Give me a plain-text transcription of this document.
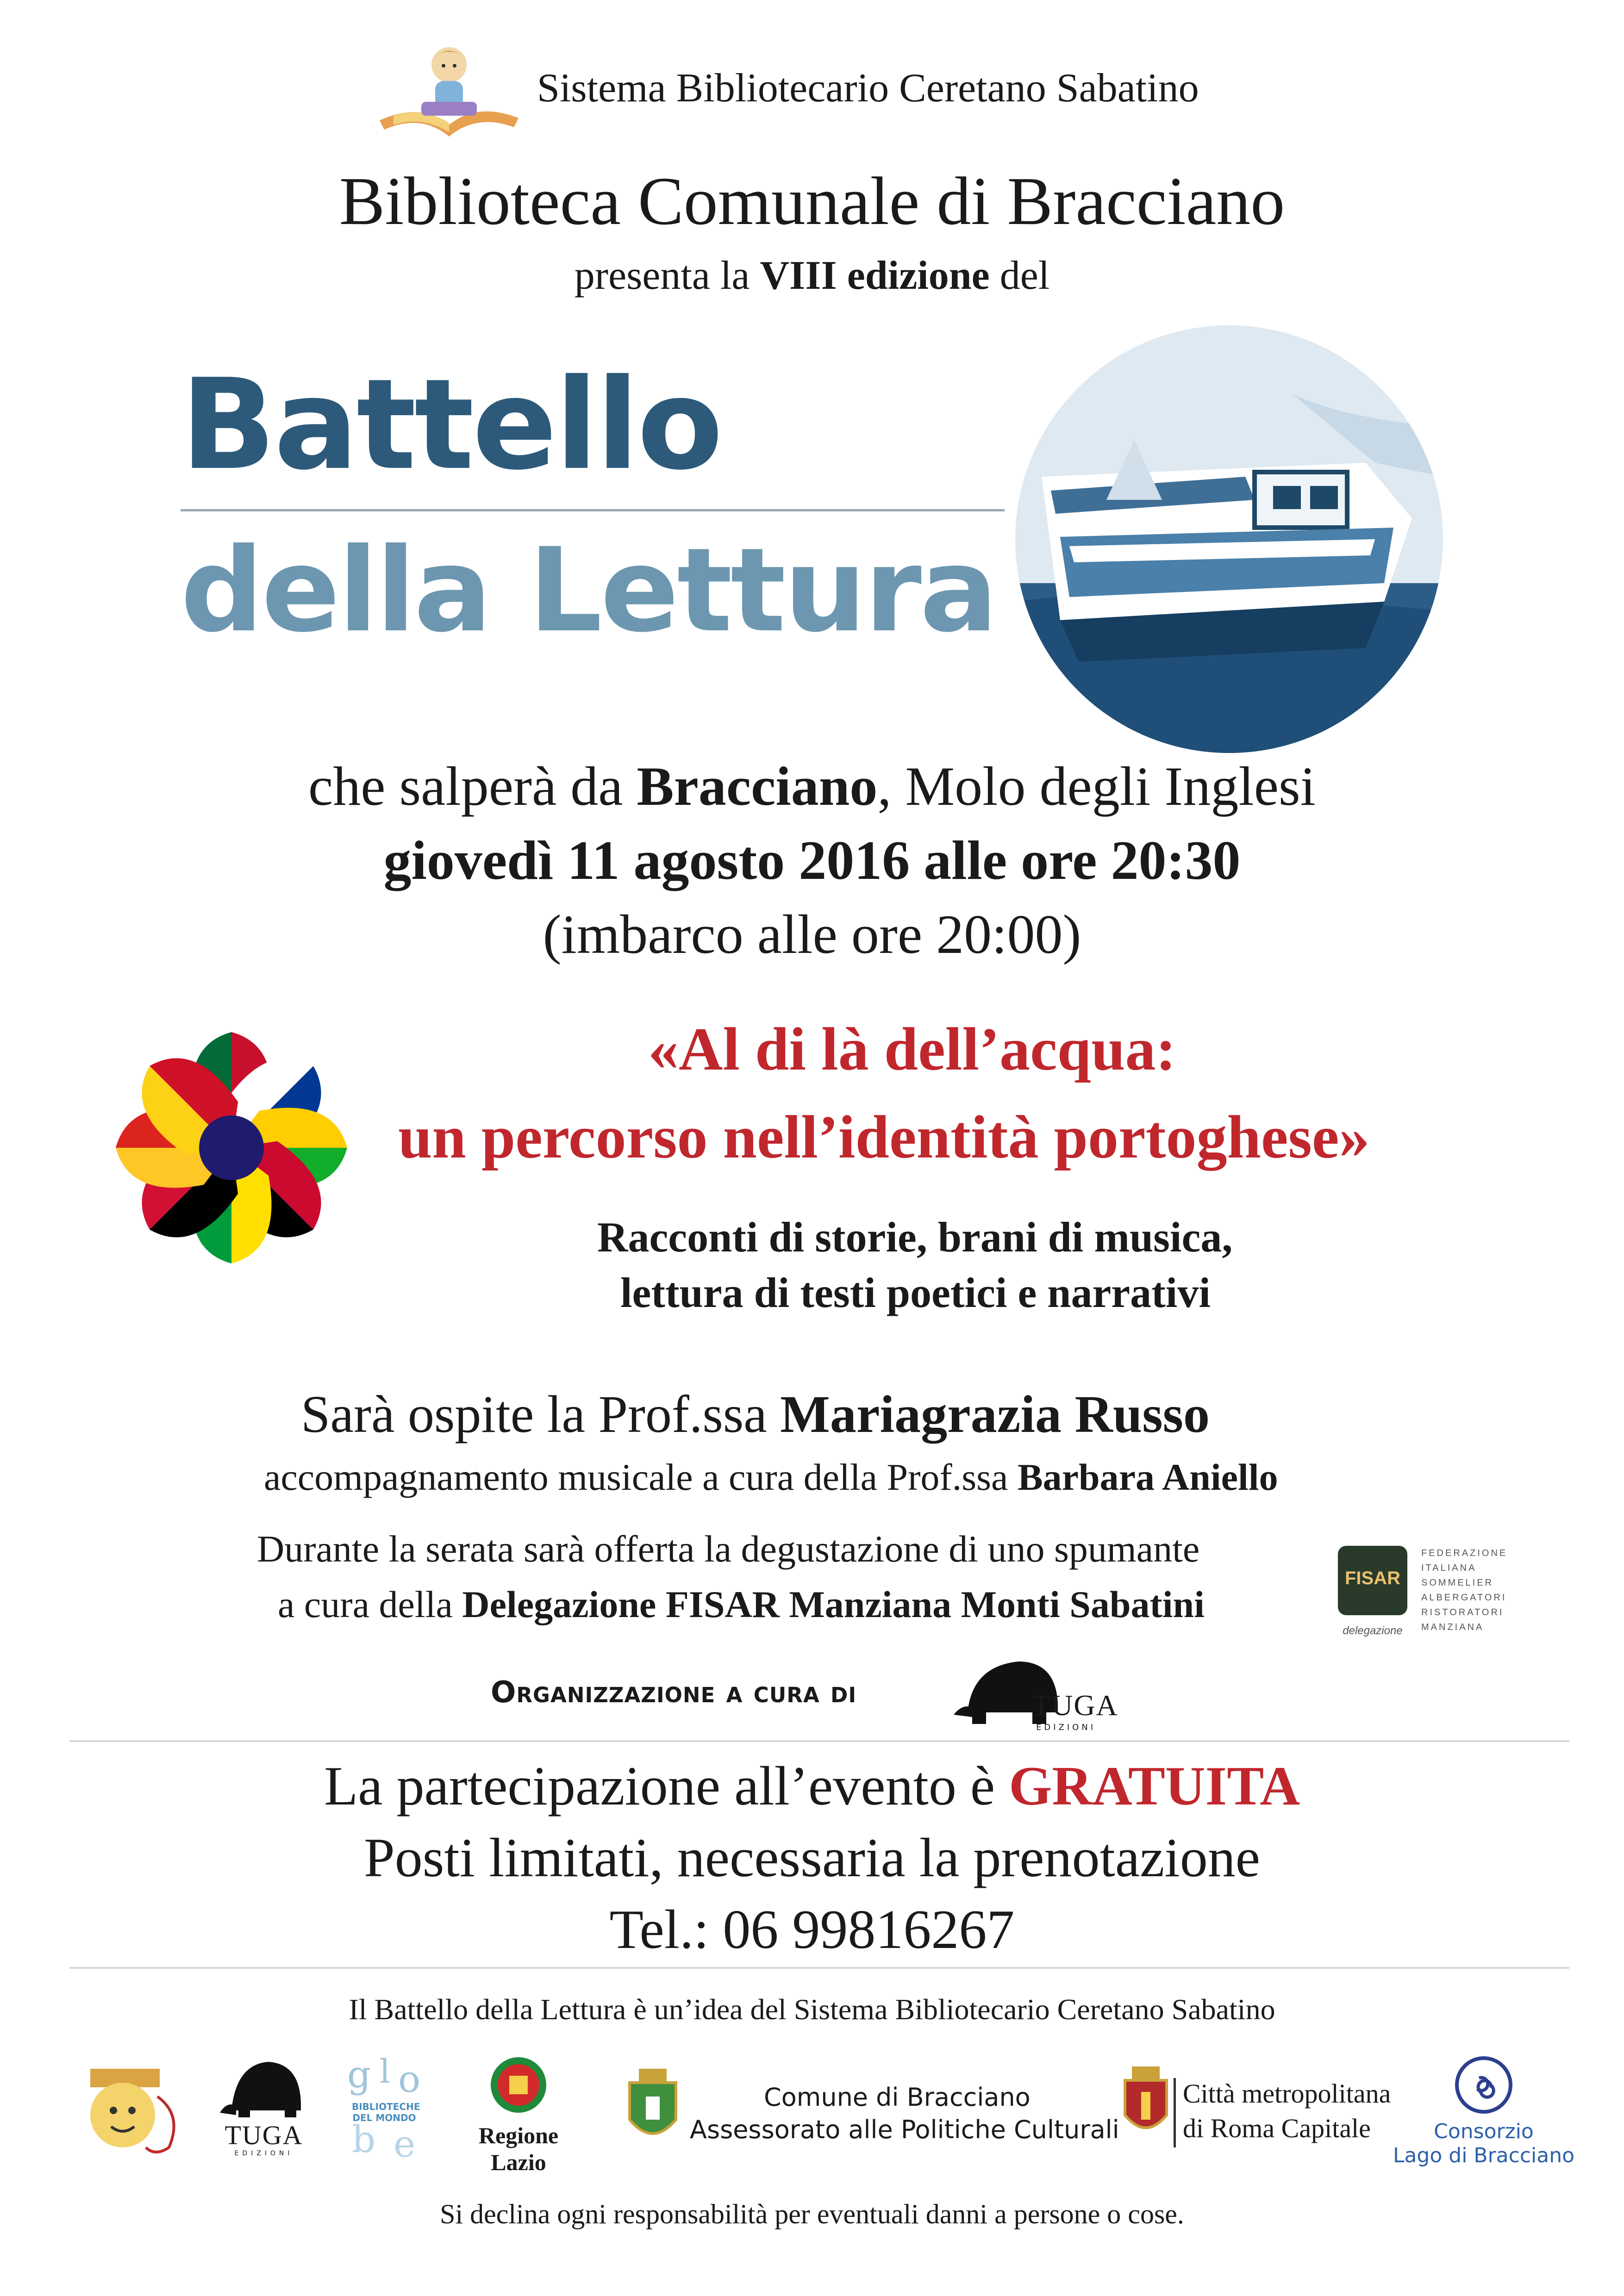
Sistema Bibliotecario Ceretano Sabatino
Biblioteca Comunale di Bracciano
presenta la VIII edizione del
Battello
della Lettura
che salperà da Bracciano, Molo degli Inglesi
giovedì 11 agosto 2016 alle ore 20:30
(imbarco alle ore 20:00)
«Al di là dell’acqua:
un percorso nell’identità portoghese»
Racconti di storie, brani di musica,
lettura di testi poetici e narrativi
Sarà ospite la Prof.ssa Mariagrazia Russo
accompagnamento musicale a cura della Prof.ssa Barbara Aniello
Durante la serata sarà offerta la degustazione di uno spumante
a cura della Delegazione FISAR Manziana Monti Sabatini
FISAR
delegazione
FEDERAZIONE
ITALIANA
SOMMELIER
ALBERGATORI
RISTORATORI
MANZIANA
Organizzazione a cura di	TUGA
EDIZIONI
La partecipazione all’evento è GRATUITA
Posti limitati, necessaria la prenotazione
Tel.: 06 99816267
Il Battello della Lettura è un’idea del Sistema Bibliotecario Ceretano Sabatino
TUGA
EDIZIONI
g l o
b e
BIBLIOTECHE DEL MONDO
Regione Lazio
Comune di Bracciano
Assessorato alle Politiche Culturali
Città metropolitana
di Roma Capitale	Consorzio
Lago di Bracciano
Si declina ogni responsabilità per eventuali danni a persone o cose.
